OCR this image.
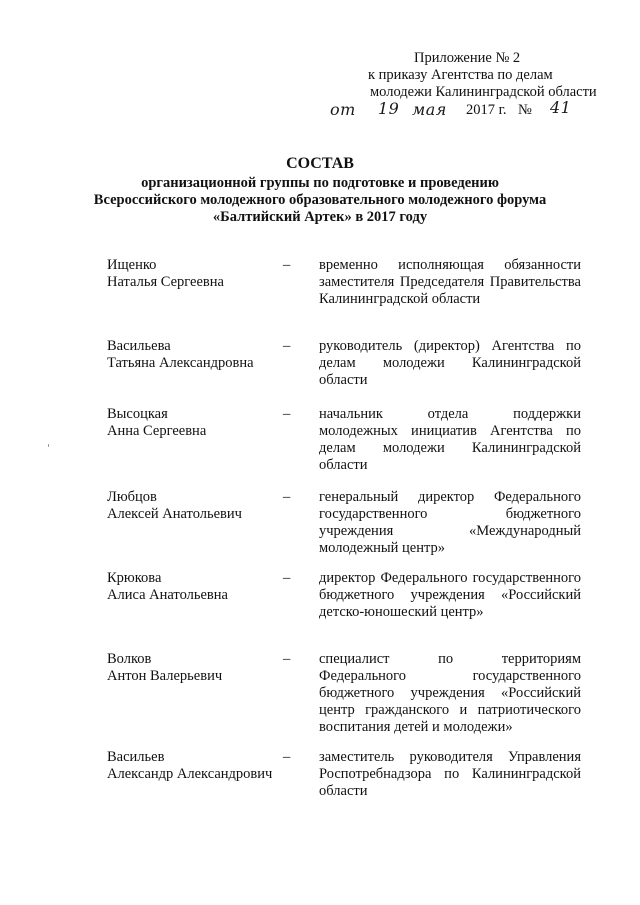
Приложение № 2
к приказу Агентства по делам
молодежи Калининградской области
от 19 мая 2017 г. № 41
СОСТАВ
организационной группы по подготовке и проведению
Всероссийского молодежного образовательного молодежного форума
«Балтийский Артек» в 2017 году
Ищенко
Наталья Сергеевна
–	временно исполняющая обязанности заместителя Председателя Правительства Калининградской области
Васильева
Татьяна Александровна
–	руководитель (директор) Агентства по делам молодежи Калининградской области
Высоцкая
Анна Сергеевна
–	начальник отдела поддержки молодежных инициатив Агентства по делам молодежи Калининградской области
Любцов
Алексей Анатольевич
–	генеральный директор Федерального государственного бюджетного учреждения «Международный молодежный центр»
Крюкова
Алиса Анатольевна
–	директор Федерального государственного бюджетного учреждения «Российский детско-юношеский центр»
Волков
Антон Валерьевич
–	специалист по территориям Федерального государственного бюджетного учреждения «Российский центр гражданского и патриотического воспитания детей и молодежи»
Васильев
Александр Александрович
–	заместитель руководителя Управления Роспотребнадзора по Калининградской области
